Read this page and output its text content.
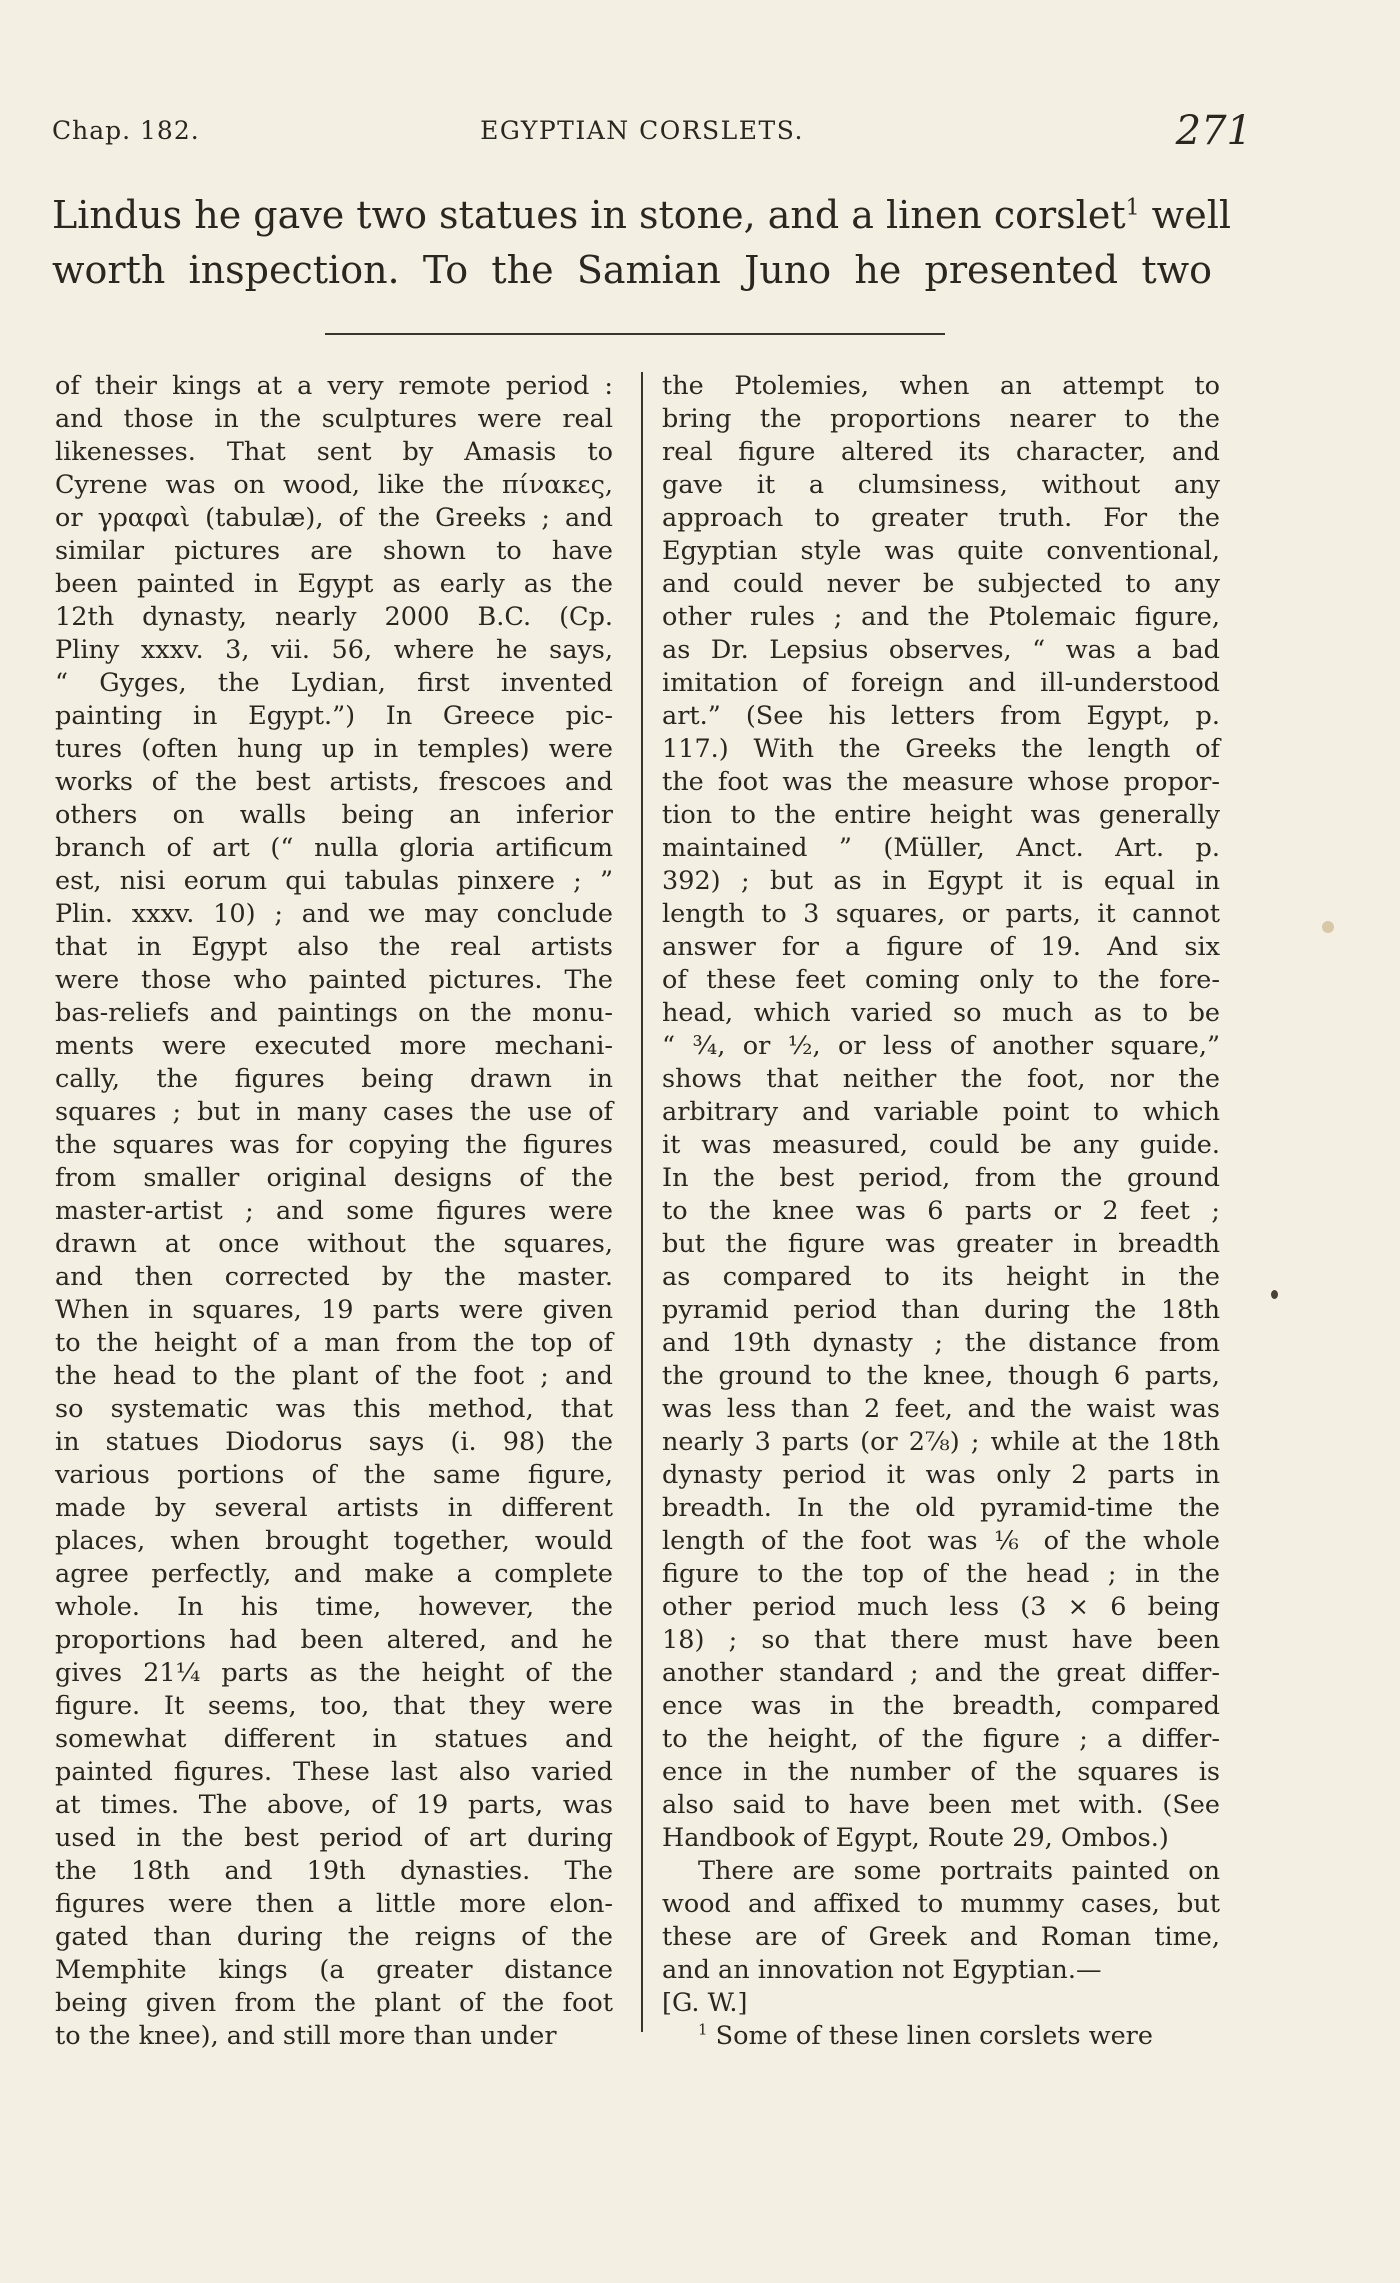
Chap. 182.	EGYPTIAN CORSLETS.	271
Lindus he gave two statues in stone, and a linen corslet$^1$ well
worth inspection. To the Samian Juno he presented two
of their kings at a very remote period :
and those in the sculptures were real
likenesses. That sent by Amasis to
Cyrene was on wood, like the πίνακες,
or γραφαὶ (tabulæ), of the Greeks ; and
similar pictures are shown to have
been painted in Egypt as early as the
12th dynasty, nearly 2000 B.C. (Cp.
Pliny xxxv. 3, vii. 56, where he says,
“ Gyges, the Lydian, first invented
painting in Egypt.”) In Greece pic-
tures (often hung up in temples) were
works of the best artists, frescoes and
others on walls being an inferior
branch of art (“ nulla gloria artificum
est, nisi eorum qui tabulas pinxere ; ”
Plin. xxxv. 10) ; and we may conclude
that in Egypt also the real artists
were those who painted pictures. The
bas-reliefs and paintings on the monu-
ments were executed more mechani-
cally, the figures being drawn in
squares ; but in many cases the use of
the squares was for copying the figures
from smaller original designs of the
master-artist ; and some figures were
drawn at once without the squares,
and then corrected by the master.
When in squares, 19 parts were given
to the height of a man from the top of
the head to the plant of the foot ; and
so systematic was this method, that
in statues Diodorus says (i. 98) the
various portions of the same figure,
made by several artists in different
places, when brought together, would
agree perfectly, and make a complete
whole. In his time, however, the
proportions had been altered, and he
gives 21¼ parts as the height of the
figure. It seems, too, that they were
somewhat different in statues and
painted figures. These last also varied
at times. The above, of 19 parts, was
used in the best period of art during
the 18th and 19th dynasties. The
figures were then a little more elon-
gated than during the reigns of the
Memphite kings (a greater distance
being given from the plant of the foot
to the knee), and still more than under
the Ptolemies, when an attempt to
bring the proportions nearer to the
real figure altered its character, and
gave it a clumsiness, without any
approach to greater truth. For the
Egyptian style was quite conventional,
and could never be subjected to any
other rules ; and the Ptolemaic figure,
as Dr. Lepsius observes, “ was a bad
imitation of foreign and ill-understood
art.” (See his letters from Egypt, p.
117.) With the Greeks the length of
the foot was the measure whose propor-
tion to the entire height was generally
maintained ” (Müller, Anct. Art. p.
392) ; but as in Egypt it is equal in
length to 3 squares, or parts, it cannot
answer for a figure of 19. And six
of these feet coming only to the fore-
head, which varied so much as to be
“ ¾, or ½, or less of another square,”
shows that neither the foot, nor the
arbitrary and variable point to which
it was measured, could be any guide.
In the best period, from the ground
to the knee was 6 parts or 2 feet ;
but the figure was greater in breadth
as compared to its height in the
pyramid period than during the 18th
and 19th dynasty ; the distance from
the ground to the knee, though 6 parts,
was less than 2 feet, and the waist was
nearly 3 parts (or 2⅞) ; while at the 18th
dynasty period it was only 2 parts in
breadth. In the old pyramid-time the
length of the foot was ⅙ of the whole
figure to the top of the head ; in the
other period much less (3 × 6 being
18) ; so that there must have been
another standard ; and the great differ-
ence was in the breadth, compared
to the height, of the figure ; a differ-
ence in the number of the squares is
also said to have been met with. (See
Handbook of Egypt, Route 29, Ombos.)
There are some portraits painted on
wood and affixed to mummy cases, but
these are of Greek and Roman time,
and an innovation not Egyptian.—
[G. W.]
$^1$ Some of these linen corslets were
